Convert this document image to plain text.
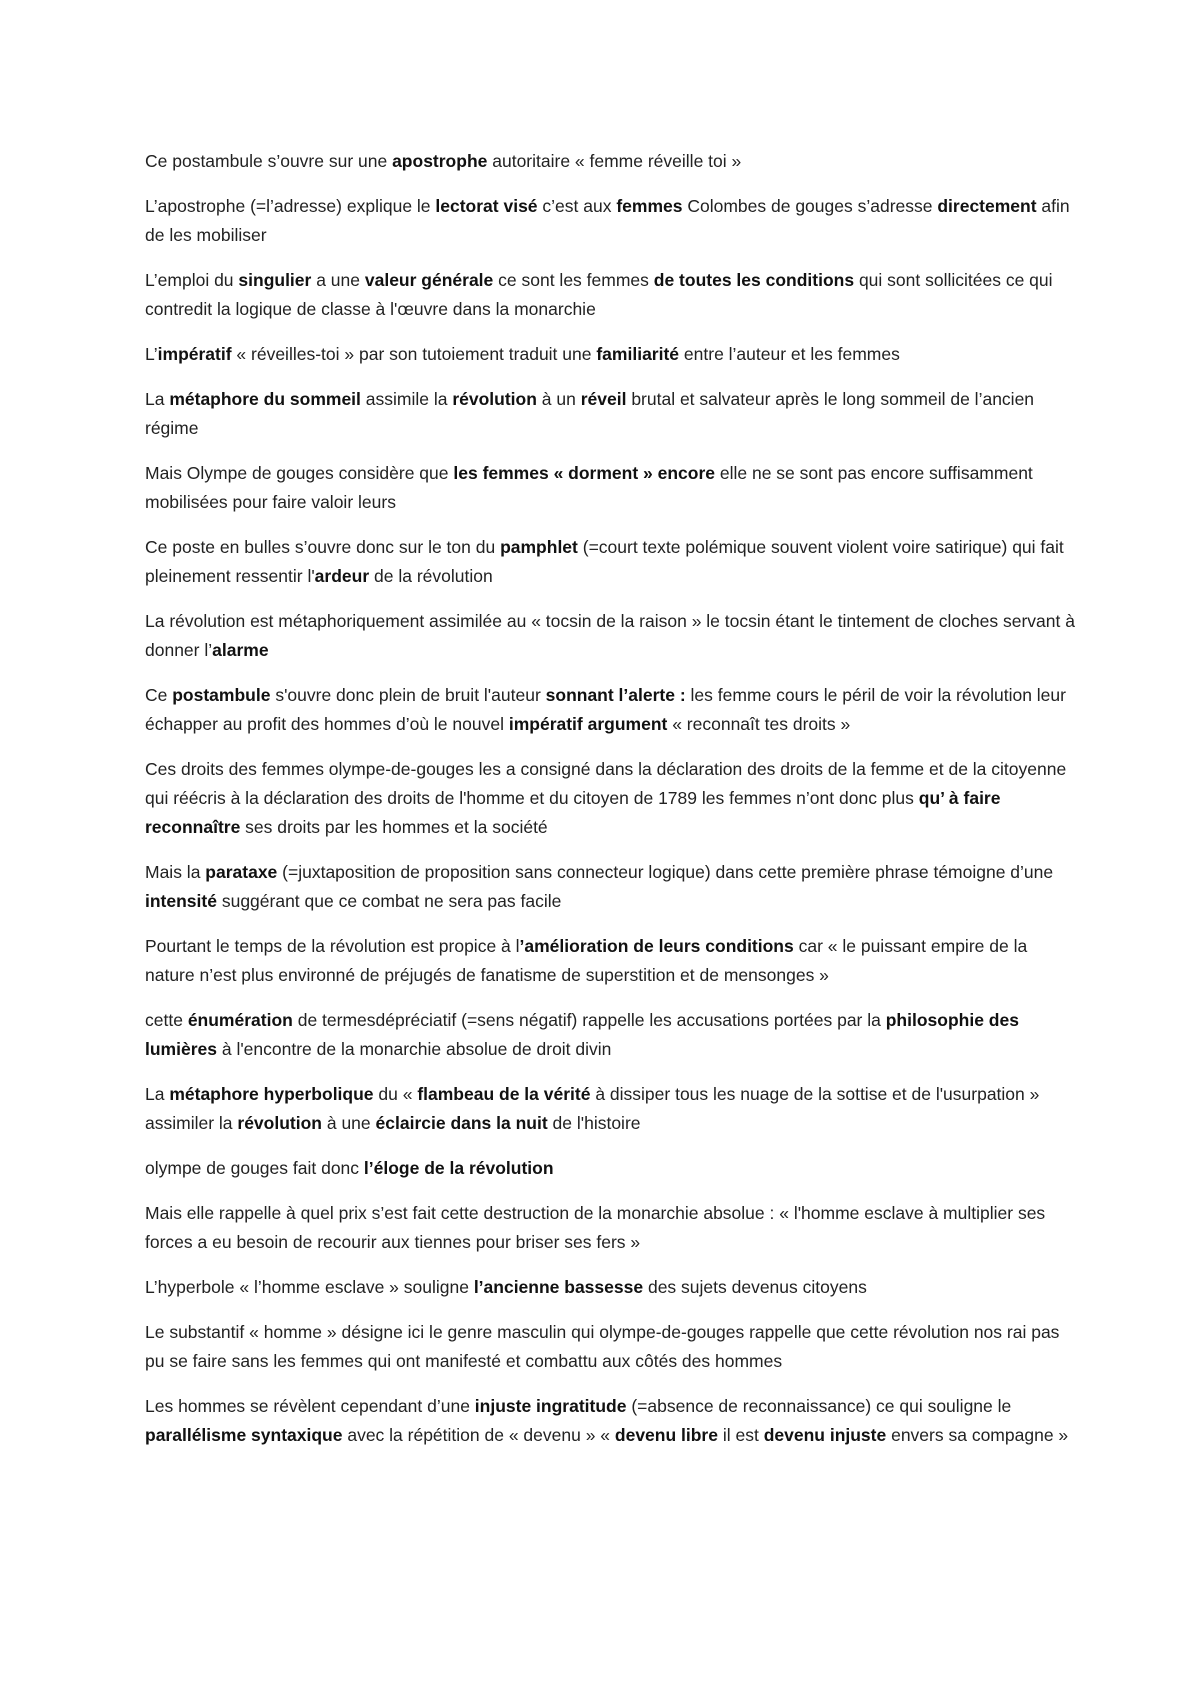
Ce postambule s’ouvre sur une apostrophe autoritaire « femme réveille toi »

L’apostrophe (=l’adresse) explique le lectorat visé c’est aux femmes Colombes de gouges s’adresse directement afin de les mobiliser

L’emploi du singulier a une valeur générale ce sont les femmes de toutes les conditions qui sont sollicitées ce qui contredit la logique de classe à l'œuvre dans la monarchie

L’impératif « réveilles-toi » par son tutoiement traduit une familiarité entre l’auteur et les femmes

La métaphore du sommeil assimile la révolution à un réveil brutal et salvateur après le long sommeil de l’ancien régime

Mais Olympe de gouges considère que les femmes « dorment » encore elle ne se sont pas encore suffisamment mobilisées pour faire valoir leurs

Ce poste en bulles s’ouvre donc sur le ton du pamphlet (=court texte polémique souvent violent voire satirique) qui fait pleinement ressentir l'ardeur de la révolution

La révolution est métaphoriquement assimilée au « tocsin de la raison » le tocsin étant le tintement de cloches servant à donner l’alarme

Ce postambule s'ouvre donc plein de bruit l'auteur sonnant l’alerte : les femme cours le péril de voir la révolution leur échapper au profit des hommes d’où le nouvel impératif argument « reconnaît tes droits »

Ces droits des femmes olympe-de-gouges les a consigné dans la déclaration des droits de la femme et de la citoyenne qui réécris à la déclaration des droits de l'homme et du citoyen de 1789 les femmes n’ont donc plus qu’ à faire reconnaître ses droits par les hommes et la société

Mais la parataxe (=juxtaposition de proposition sans connecteur logique) dans cette première phrase témoigne d’une intensité suggérant que ce combat ne sera pas facile

Pourtant le temps de la révolution est propice à l’amélioration de leurs conditions car « le puissant empire de la nature n’est plus environné de préjugés de fanatisme de superstition et de mensonges »

cette énumération de termesdépréciatif (=sens négatif) rappelle les accusations portées par la philosophie des lumières à l'encontre de la monarchie absolue de droit divin

La métaphore hyperbolique du « flambeau de la vérité à dissiper tous les nuage de la sottise et de l'usurpation » assimiler la révolution à une éclaircie dans la nuit de l'histoire

olympe de gouges fait donc l’éloge de la révolution

Mais elle rappelle à quel prix s’est fait cette destruction de la monarchie absolue : « l'homme esclave à multiplier ses forces a eu besoin de recourir aux tiennes pour briser ses fers »

L’hyperbole « l’homme esclave » souligne l’ancienne bassesse des sujets devenus citoyens

Le substantif « homme » désigne ici le genre masculin qui olympe-de-gouges rappelle que cette révolution nos rai pas pu se faire sans les femmes qui ont manifesté et combattu aux côtés des hommes

Les hommes se révèlent cependant d’une injuste ingratitude (=absence de reconnaissance) ce qui souligne le parallélisme syntaxique avec la répétition de « devenu » « devenu libre il est devenu injuste envers sa compagne »
